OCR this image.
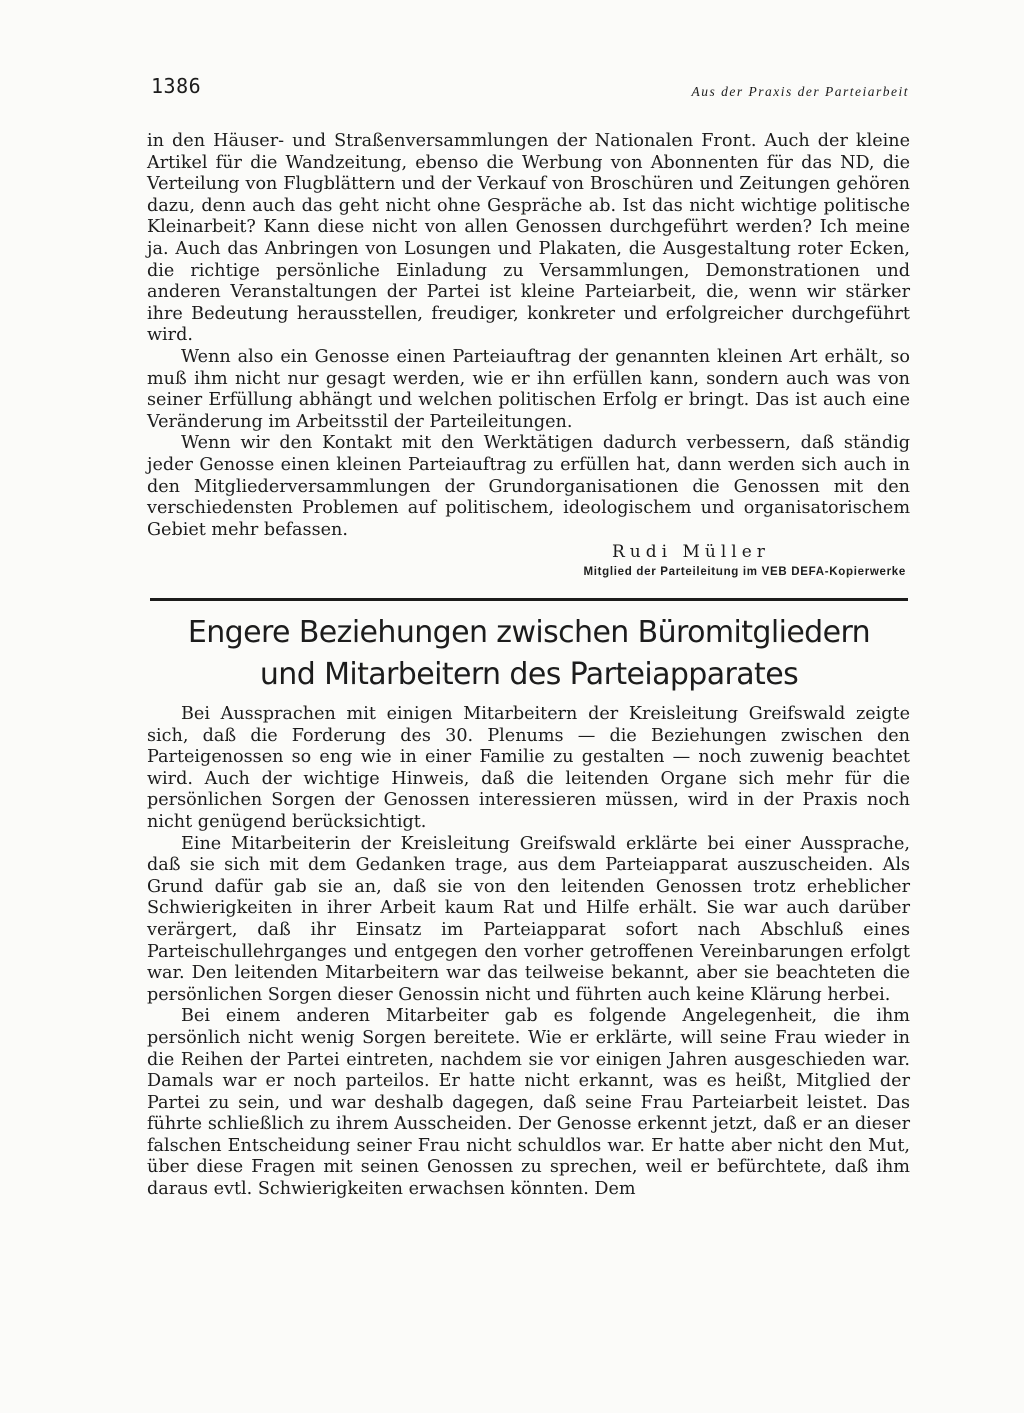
1386	Aus der Praxis der Parteiarbeit

in den Häuser- und Straßenversammlungen der Nationalen Front. Auch der kleine Artikel für die Wandzeitung, ebenso die Werbung von Abonnenten für das ND, die Verteilung von Flugblättern und der Verkauf von Broschüren und Zeitungen gehören dazu, denn auch das geht nicht ohne Gespräche ab. Ist das nicht wichtige politische Kleinarbeit? Kann diese nicht von allen Genossen durchgeführt werden? Ich meine ja. Auch das Anbringen von Losungen und Plakaten, die Ausgestaltung roter Ecken, die richtige persönliche Einladung zu Versammlungen, Demonstrationen und anderen Veranstaltungen der Partei ist kleine Parteiarbeit, die, wenn wir stärker ihre Bedeutung herausstellen, freudiger, konkreter und erfolgreicher durchgeführt wird.

Wenn also ein Genosse einen Parteiauftrag der genannten kleinen Art erhält, so muß ihm nicht nur gesagt werden, wie er ihn erfüllen kann, sondern auch was von seiner Erfüllung abhängt und welchen politischen Erfolg er bringt. Das ist auch eine Veränderung im Arbeitsstil der Parteileitungen.

Wenn wir den Kontakt mit den Werktätigen dadurch verbessern, daß ständig jeder Genosse einen kleinen Parteiauftrag zu erfüllen hat, dann werden sich auch in den Mitgliederversammlungen der Grundorganisationen die Genossen mit den verschiedensten Problemen auf politischem, ideologischem und organisatorischem Gebiet mehr befassen.

Rudi Müller
Mitglied der Parteileitung im VEB DEFA-Kopierwerke
Engere Beziehungen zwischen Büromitgliedern
und Mitarbeitern des Parteiapparates

Bei Aussprachen mit einigen Mitarbeitern der Kreisleitung Greifswald zeigte sich, daß die Forderung des 30. Plenums — die Beziehungen zwischen den Parteigenossen so eng wie in einer Familie zu gestalten — noch zuwenig beachtet wird. Auch der wichtige Hinweis, daß die leitenden Organe sich mehr für die persönlichen Sorgen der Genossen interessieren müssen, wird in der Praxis noch nicht genügend berücksichtigt.

Eine Mitarbeiterin der Kreisleitung Greifswald erklärte bei einer Aussprache, daß sie sich mit dem Gedanken trage, aus dem Parteiapparat auszuscheiden. Als Grund dafür gab sie an, daß sie von den leitenden Genossen trotz erheblicher Schwierigkeiten in ihrer Arbeit kaum Rat und Hilfe erhält. Sie war auch darüber verärgert, daß ihr Einsatz im Parteiapparat sofort nach Abschluß eines Parteischullehrganges und entgegen den vorher getroffenen Vereinbarungen erfolgt war. Den leitenden Mitarbeitern war das teilweise bekannt, aber sie beachteten die persönlichen Sorgen dieser Genossin nicht und führten auch keine Klärung herbei.

Bei einem anderen Mitarbeiter gab es folgende Angelegenheit, die ihm persönlich nicht wenig Sorgen bereitete. Wie er erklärte, will seine Frau wieder in die Reihen der Partei eintreten, nachdem sie vor einigen Jahren ausgeschieden war. Damals war er noch parteilos. Er hatte nicht erkannt, was es heißt, Mitglied der Partei zu sein, und war deshalb dagegen, daß seine Frau Parteiarbeit leistet. Das führte schließlich zu ihrem Ausscheiden. Der Genosse erkennt jetzt, daß er an dieser falschen Entscheidung seiner Frau nicht schuldlos war. Er hatte aber nicht den Mut, über diese Fragen mit seinen Genossen zu sprechen, weil er befürchtete, daß ihm daraus evtl. Schwierigkeiten erwachsen könnten. Dem
